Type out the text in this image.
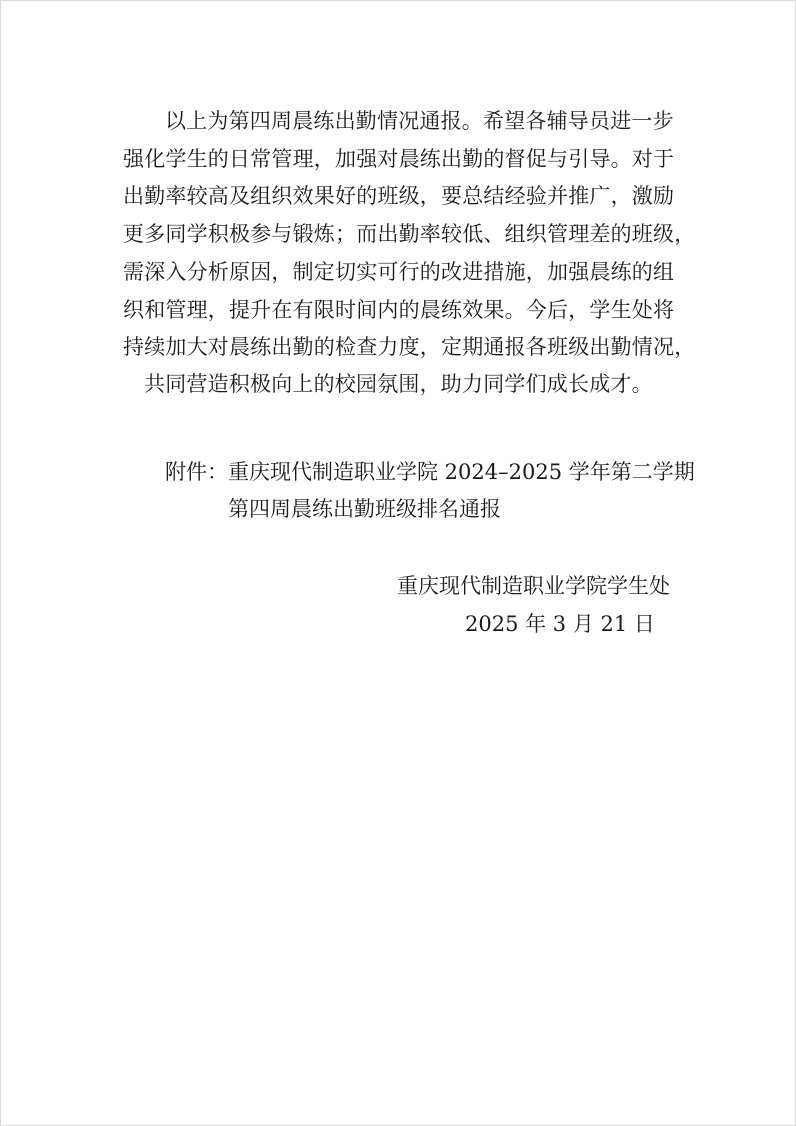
以上为第四周晨练出勤情况通报。希望各辅导员进一步
强化学生的日常管理，加强对晨练出勤的督促与引导。对于
出勤率较高及组织效果好的班级，要总结经验并推广，激励
更多同学积极参与锻炼；而出勤率较低、组织管理差的班级，
需深入分析原因，制定切实可行的改进措施，加强晨练的组
织和管理，提升在有限时间内的晨练效果。今后，学生处将
持续加大对晨练出勤的检查力度，定期通报各班级出勤情况，
共同营造积极向上的校园氛围，助力同学们成长成才。
附件：重庆现代制造职业学院 2024–2025 学年第二学期
第四周晨练出勤班级排名通报
重庆现代制造职业学院学生处
2025 年 3 月 21 日
